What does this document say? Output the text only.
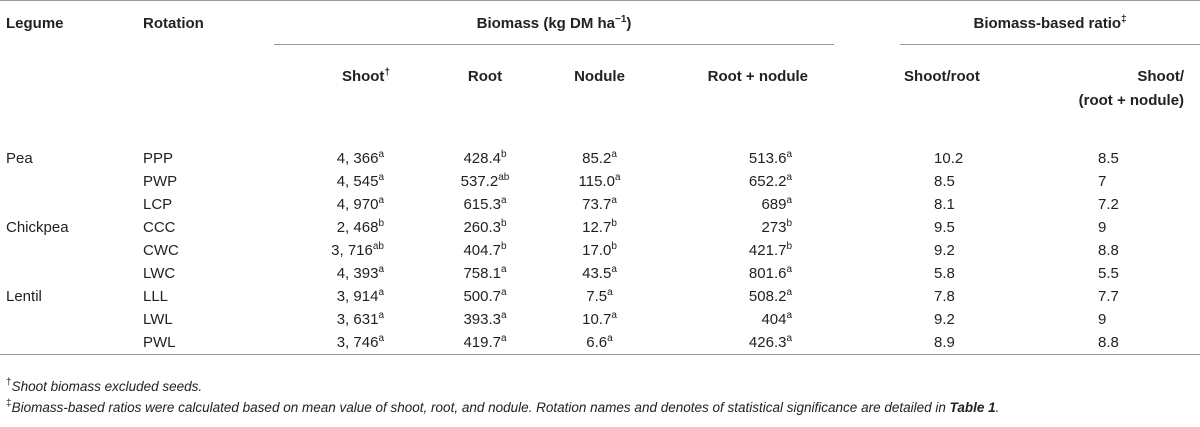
Legume	Rotation	Biomass (kg DM $ha^{-1}$)					Biomass-based ratio‡

		Shoot†	Root	Nodule	Root + nodule		Shoot/root	Shoot/
(root + nodule)
Pea	PPP	4, 366$^a$	428.4$^b$	85.2$^a$	513.6$^a$		10.2	8.5
	PWP	4, 545$^a$	537.2$^{ab}$	115.0$^a$	652.2$^a$		8.5	7
	LCP	4, 970$^a$	615.3$^a$	73.7$^a$	689$^a$		8.1	7.2
Chickpea	CCC	2, 468$^b$	260.3$^b$	12.7$^b$	273$^b$		9.5	9
	CWC	3, $716^{ab}$	404.7$^b$	17.0$^b$	421.7$^b$		9.2	8.8
	LWC	4, 393$^a$	758.1$^a$	43.5$^a$	801.6$^a$		5.8	5.5
Lentil	LLL	3, 914$^a$	500.7$^a$	7.5$^a$	508.2$^a$		7.8	7.7
	LWL	3, 631$^a$	393.3$^a$	10.7$^a$	404$^a$		9.2	9
	PWL	3, 746$^a$	419.7$^a$	6.6$^a$	426.3$^a$		8.9	8.8
†Shoot biomass excluded seeds.
‡Biomass-based ratios were calculated based on mean value of shoot, root, and nodule. Rotation names and denotes of statistical significance are detailed in Table 1.
